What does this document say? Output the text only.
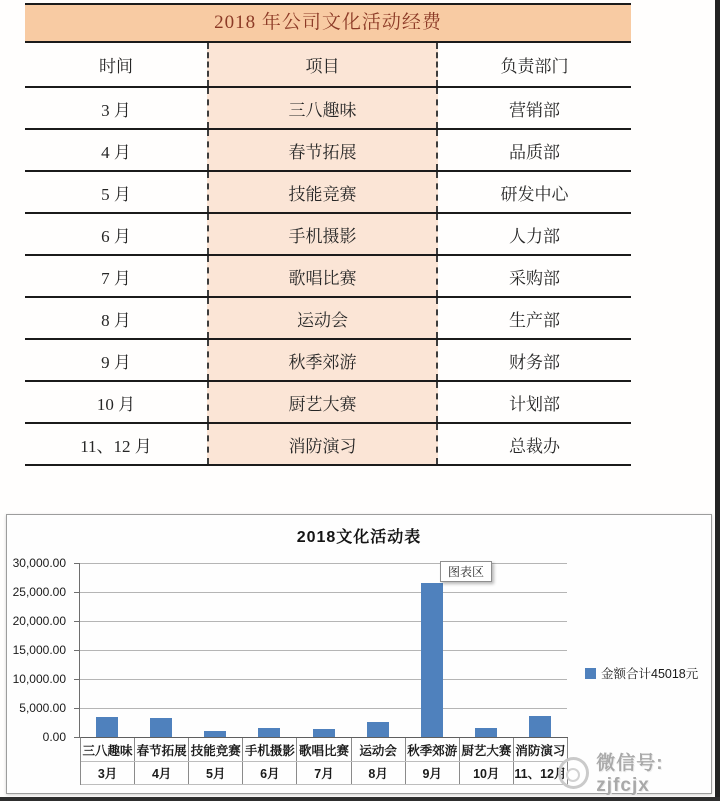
2018 年公司文化活动经费
时间	项目	负责部门
3 月	三八趣味	营销部
4 月	春节拓展	品质部
5 月	技能竞赛	研发中心
6 月	手机摄影	人力部
7 月	歌唱比赛	采购部
8 月	运动会	生产部
9 月	秋季郊游	财务部
10 月	厨艺大赛	计划部
11、12 月	消防演习	总裁办
2018文化活动表
30,000.00
25,000.00
20,000.00
15,000.00
10,000.00
5,000.00
0.00
三八趣味 春节拓展 技能竞赛 手机摄影 歌唱比赛 运动会 秋季郊游 厨艺大赛 消防演习
3月	4月	5月	6月	7月	8月	9月	10月	11、12月
金额合计45018元
图表区
微信号: zjfcjx
